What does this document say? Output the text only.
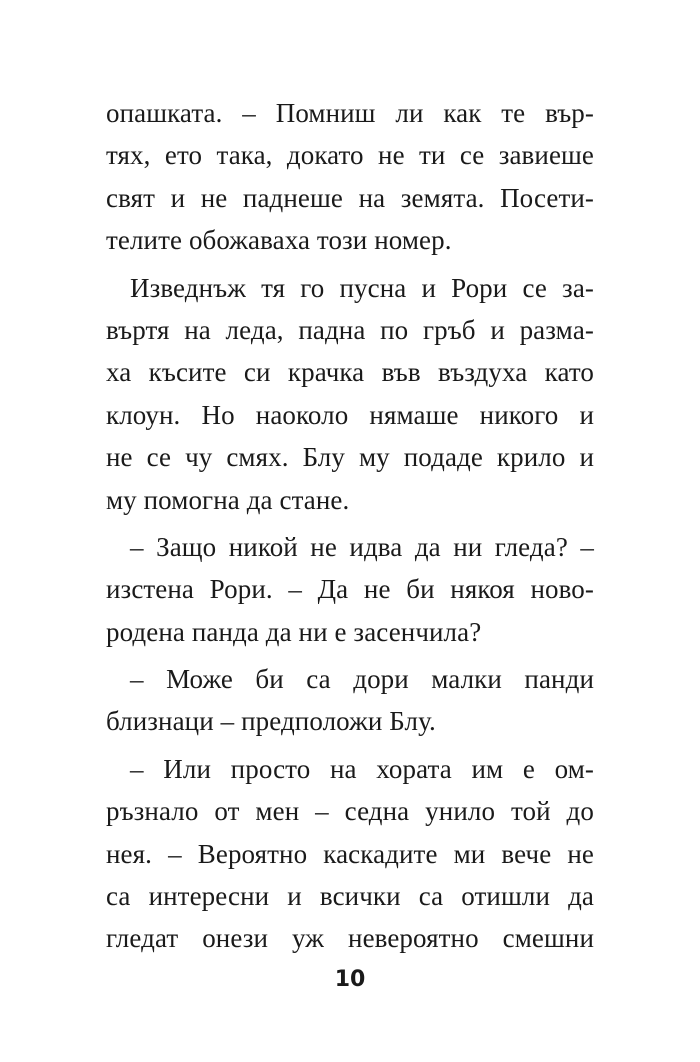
опашката. – Помниш ли как те вър-
тях, ето така, докато не ти се завиеше
свят и не паднеше на земята. Посети-
телите обожаваха този номер.
Изведнъж тя го пусна и Рори се за-
въртя на леда, падна по гръб и размa-
ха късите си крачка във въздуха като
клоун. Но наоколо нямаше никого и
не се чу смях. Блу му подаде крило и
му помогна да стане.
– Защо никой не идва да ни гледа? –
изстена Рори. – Да не би някоя ново-
родена панда да ни е засенчила?
– Може би са дори малки панди
близнаци – предположи Блу.
– Или просто на хората им е ом-
ръзнало от мен – седна унило той до
нея. – Вероятно каскадите ми вече не
са интересни и всички са отишли да
гледат онези уж невероятно смешни
10
